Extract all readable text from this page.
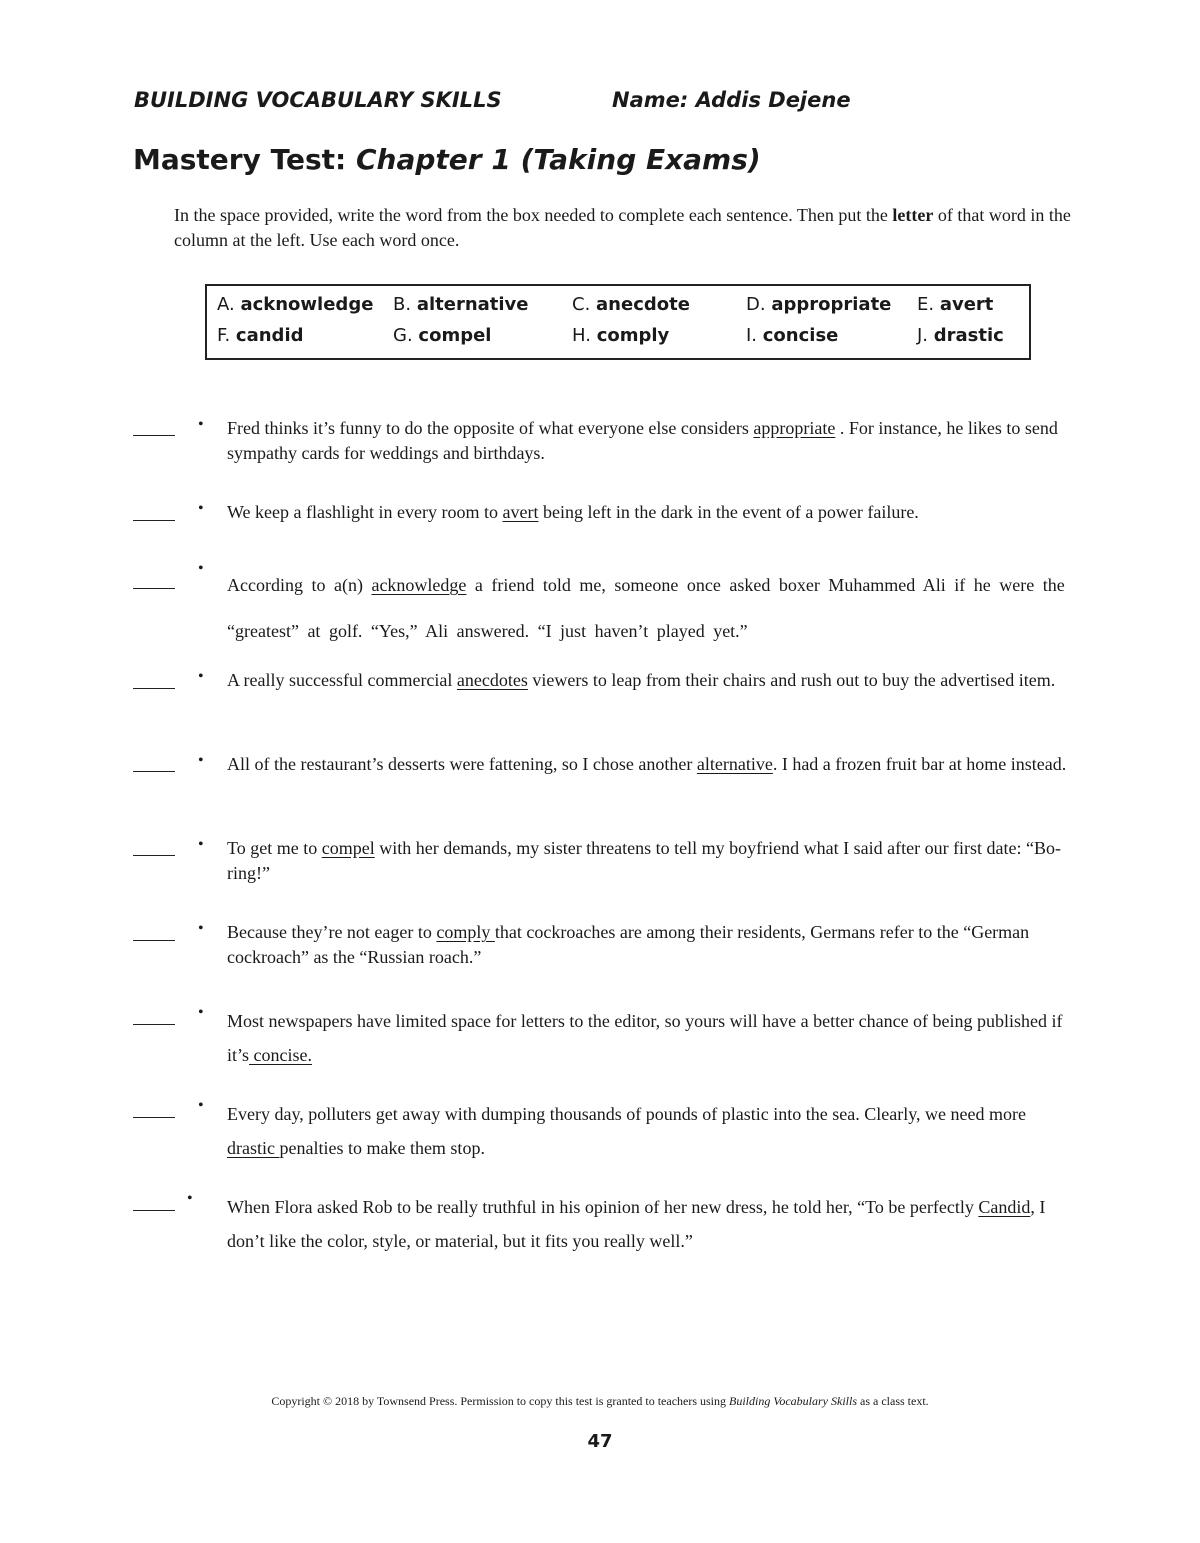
BUILDING VOCABULARY SKILLS	Name: Addis Dejene
Mastery Test: Chapter 1 (Taking Exams)
In the space provided, write the word from the box needed to complete each sentence. Then put the letter of that word in the column at the left. Use each word once.
A. acknowledge B. alternative C. anecdote	D. appropriate E. avert
F. candid	G. compel	H. comply	I. concise	J. drastic
• Fred thinks it’s funny to do the opposite of what everyone else considers appropriate . For instance, he likes to send sympathy cards for weddings and birthdays.
• We keep a flashlight in every room to avert being left in the dark in the event of a power failure.
•
According to a(n) acknowledge a friend told me, someone once asked boxer Muhammed Ali if he were the “greatest” at golf. “Yes,” Ali answered. “I just haven’t played yet.”
• A really successful commercial anecdotes viewers to leap from their chairs and rush out to buy the advertised item.
• All of the restaurant’s desserts were fattening, so I chose another alternative. I had a frozen fruit bar at home instead.
• To get me to compel with her demands, my sister threatens to tell my boyfriend what I said after our first date: “Bo-ring!”
• Because they’re not eager to comply that cockroaches are among their residents, Germans refer to the “German cockroach” as the “Russian roach.”
• Most newspapers have limited space for letters to the editor, so yours will have a better chance of being published if it’s concise.
• Every day, polluters get away with dumping thousands of pounds of plastic into the sea. Clearly, we need more drastic penalties to make them stop.
• When Flora asked Rob to be really truthful in his opinion of her new dress, he told her, “To be perfectly Candid, I don’t like the color, style, or material, but it fits you really well.”
Copyright © 2018 by Townsend Press. Permission to copy this test is granted to teachers using Building Vocabulary Skills as a class text.
47
